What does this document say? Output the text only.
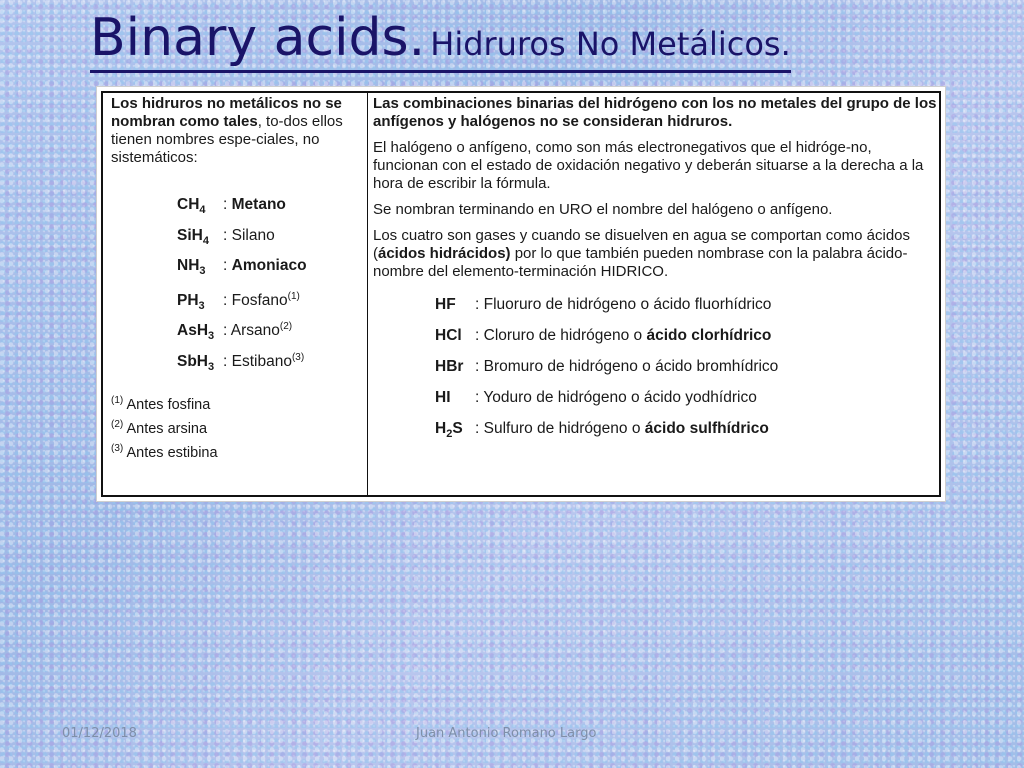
Binary acids. Hidruros No Metálicos.

Los hidruros no metálicos no se nombran como tales, to-dos ellos tienen nombres espe-ciales, no sistemáticos:

$CH_4$ : Metano
SiH$_4$ : Silano
$NH_3$ : Amoniaco
$PH_3$ : Fosfano$^{(1)}$
AsH$_3$ : Arsano$^{(2)}$
SbH$_3$ : Estibano$^{(3)}$
$^{(1)}$ Antes fosfina
$^{(2)}$ Antes arsina
$^{(3)}$ Antes estibina

Las combinaciones binarias del hidrógeno con los no metales del grupo de los anfígenos y halógenos no se consideran hidruros.

El halógeno o anfígeno, como son más electronegativos que el hidróge-no, funcionan con el estado de oxidación negativo y deberán situarse a la derecha a la hora de escribir la fórmula.

Se nombran terminando en URO el nombre del halógeno o anfígeno.

Los cuatro son gases y cuando se disuelven en agua se comportan como ácidos (ácidos hidrácidos) por lo que también pueden nombrase con la palabra ácido-nombre del elemento-terminación HIDRICO.

HF : Fluoruro de hidrógeno o ácido fluorhídrico
HCl : Cloruro de hidrógeno o ácido clorhídrico
HBr : Bromuro de hidrógeno o ácido bromhídrico
HI : Yoduro de hidrógeno o ácido yodhídrico
$H_2S$ : Sulfuro de hidrógeno o ácido sulfhídrico
01/12/2018	Juan Antonio Romano Largo
